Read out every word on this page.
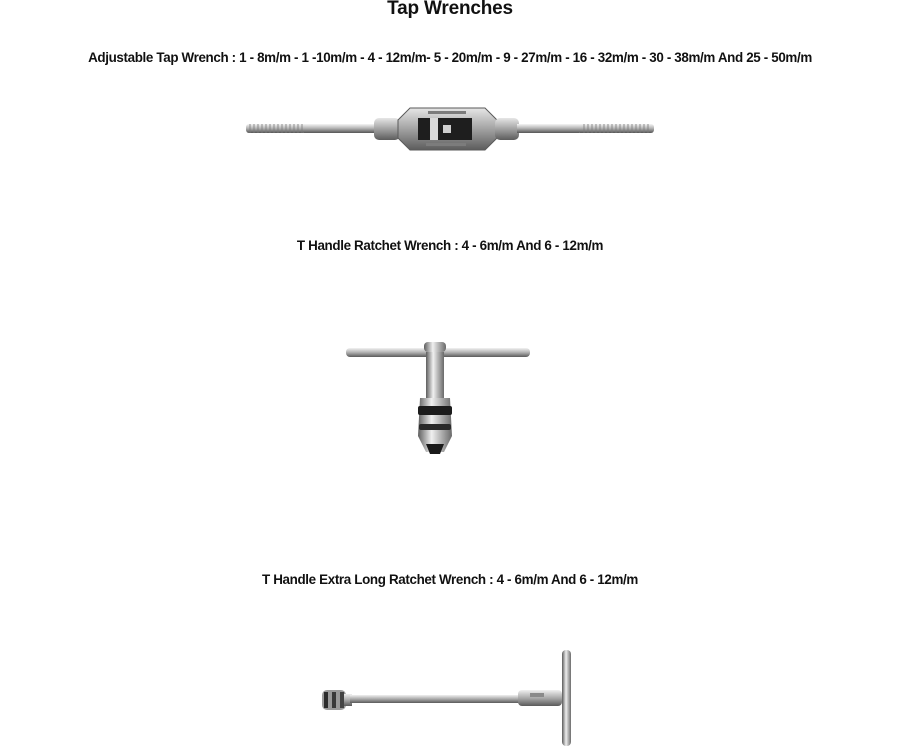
Tap Wrenches
Adjustable Tap Wrench : 1 - 8m/m - 1 -10m/m - 4 - 12m/m- 5 - 20m/m - 9 - 27m/m - 16 - 32m/m - 30 - 38m/m And 25 - 50m/m
T Handle Ratchet Wrench : 4 - 6m/m And 6 - 12m/m
T Handle Extra Long Ratchet Wrench : 4 - 6m/m And 6 - 12m/m
